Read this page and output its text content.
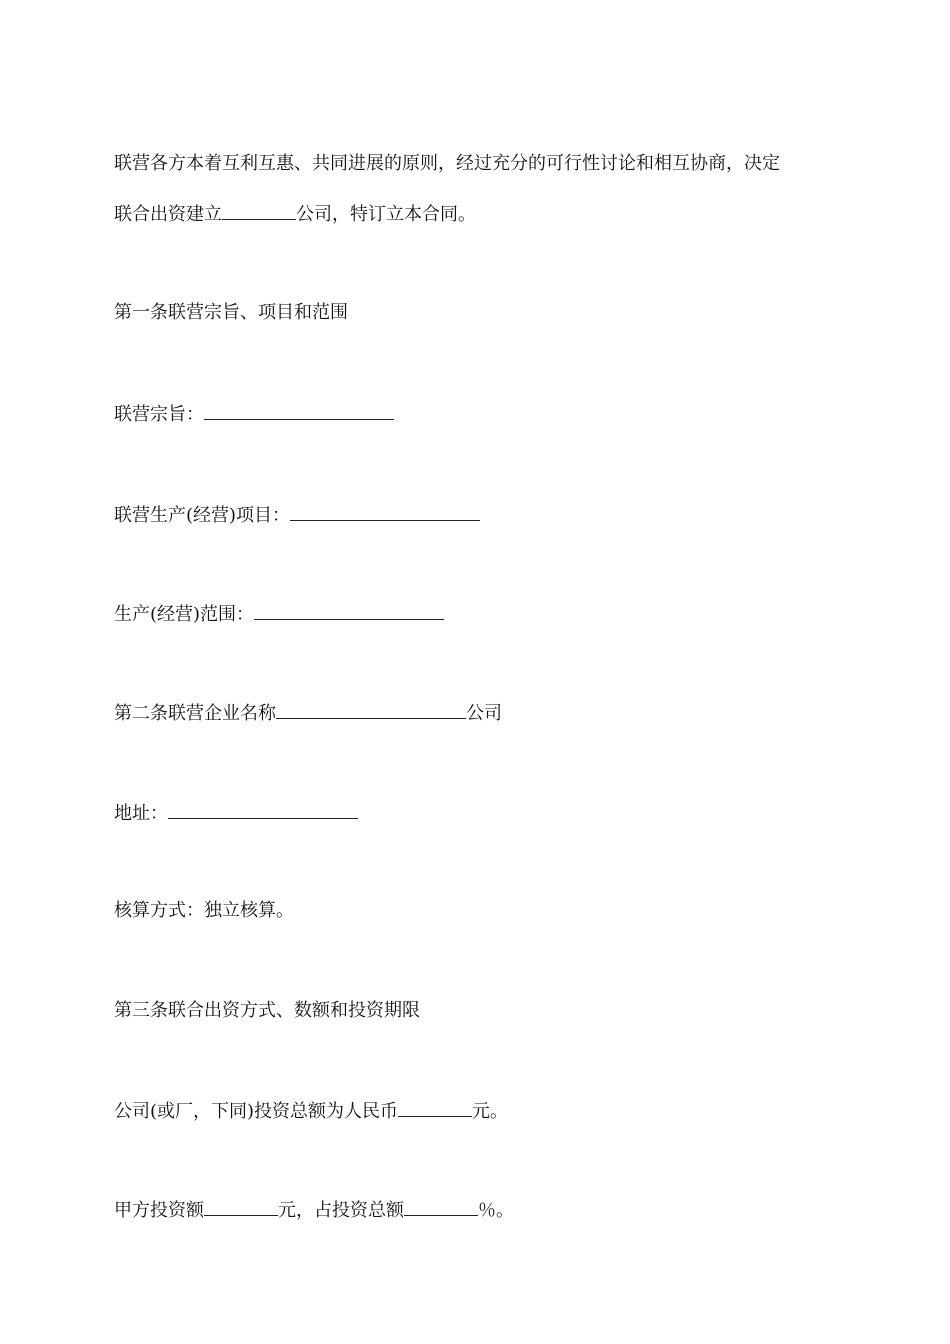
联营各方本着互利互惠、共同进展的原则，经过充分的可行性讨论和相互协商，决定
联合出资建立	公司，特订立本合同。
第一条联营宗旨、项目和范围
联营宗旨：
联营生产(经营)项目：
生产(经营)范围：
第二条联营企业名称	公司
地址：
核算方式：独立核算。
第三条联合出资方式、数额和投资期限
公司(或厂，下同)投资总额为人民币	元。
甲方投资额	元，占投资总额	％。
